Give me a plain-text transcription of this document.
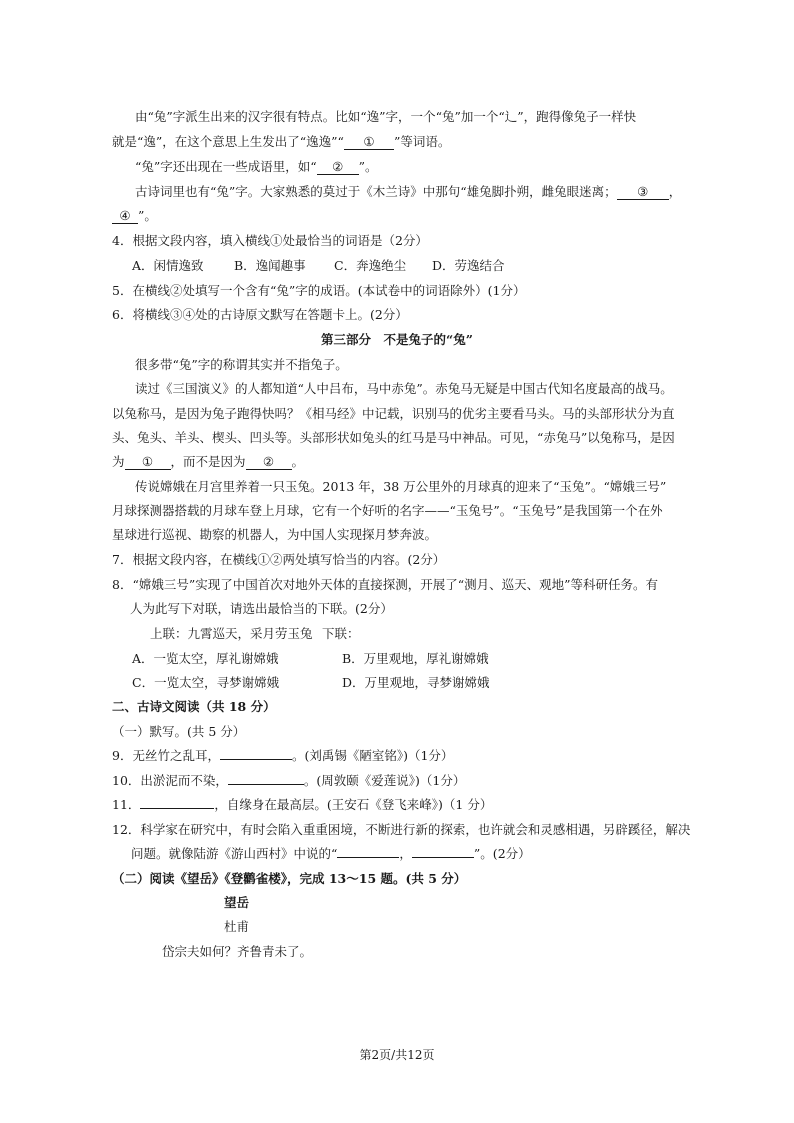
由“兔”字派生出来的汉字很有特点。比如“逸”字，一个“兔”加一个“辶”，跑得像兔子一样快
就是“逸”，在这个意思上生发出了“逸逸”“ ① ”等词语。
“兔”字还出现在一些成语里，如“ ② ”。
古诗词里也有“兔”字。大家熟悉的莫过于《木兰诗》中那句“雄兔脚扑朔，雌兔眼迷离； ③ ，
④ ”。
4．根据文段内容，填入横线①处最恰当的词语是（2分）
A．闲情逸致 B．逸闻趣事 C．奔逸绝尘 D．劳逸结合
5．在横线②处填写一个含有“兔”字的成语。(本试卷中的词语除外）(1分）
6．将横线③④处的古诗原文默写在答题卡上。(2分）
第三部分　不是兔子的“兔”
很多带“兔”字的称谓其实并不指兔子。
读过《三国演义》的人都知道“人中吕布，马中赤兔”。赤兔马无疑是中国古代知名度最高的战马。
以兔称马，是因为兔子跑得快吗？《相马经》中记载，识别马的优劣主要看马头。马的头部形状分为直
头、兔头、羊头、楔头、凹头等。头部形状如兔头的红马是马中神品。可见，“赤兔马”以兔称马，是因
为 ① ，而不是因为 ② 。
传说嫦娥在月宫里养着一只玉兔。2013 年，38 万公里外的月球真的迎来了“玉兔”。“嫦娥三号”
月球探测器搭载的月球车登上月球，它有一个好听的名字——“玉兔号”。“玉兔号”是我国第一个在外
星球进行巡视、勘察的机器人，为中国人实现探月梦奔波。
7．根据文段内容，在横线①②两处填写恰当的内容。(2分）
8．“嫦娥三号”实现了中国首次对地外天体的直接探测，开展了“测月、巡天、观地”等科研任务。有
人为此写下对联，请选出最恰当的下联。(2分）
上联：九霄巡天，采月劳玉兔 下联：
A．一览太空，厚礼谢嫦娥	B．万里观地，厚礼谢嫦娥
C．一览太空，寻梦谢嫦娥	D．万里观地，寻梦谢嫦娥
二、古诗文阅读（共 18 分）
（一）默写。(共 5 分）
9．无丝竹之乱耳，	。(刘禹锡《陋室铭》)（1分）
10．出淤泥而不染，	。(周敦颐《爱莲说》)（1分）
11．	，自缘身在最高层。(王安石《登飞来峰》)（1 分）
12．科学家在研究中，有时会陷入重重困境，不断进行新的探索，也许就会和灵感相遇，另辟蹊径，解决
问题。就像陆游《游山西村》中说的“	，	”。(2分）
（二）阅读《望岳》《登鹳雀楼》，完成 13～15 题。(共 5 分）
望岳
杜甫
岱宗夫如何？齐鲁青未了。
第2页/共12页
